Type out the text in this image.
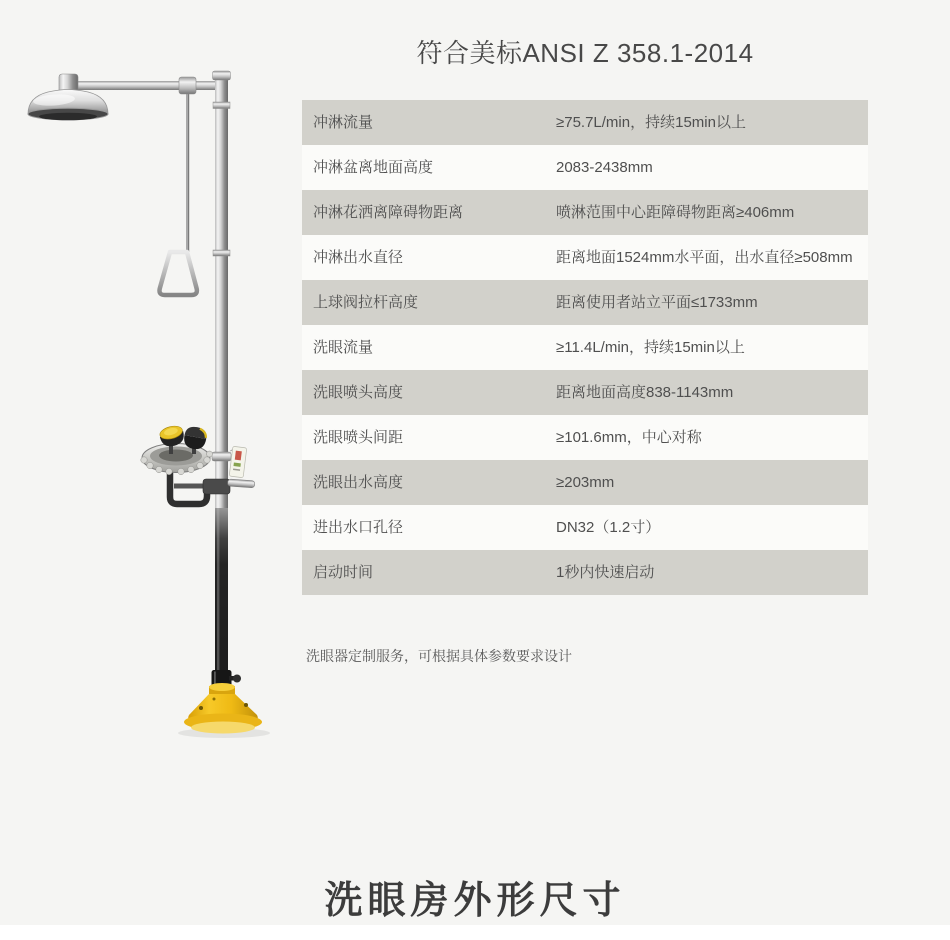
符合美标ANSI Z 358.1-2014
冲淋流量	≥75.7L/min，持续15min以上
冲淋盆离地面高度	2083-2438mm
冲淋花洒离障碍物距离	喷淋范围中心距障碍物距离≥406mm
冲淋出水直径	距离地面1524mm水平面，出水直径≥508mm
上球阀拉杆高度	距离使用者站立平面≤1733mm
洗眼流量	≥11.4L/min，持续15min以上
洗眼喷头高度	距离地面高度838-1143mm
洗眼喷头间距	≥101.6mm，中心对称
洗眼出水高度	≥203mm
进出水口孔径	DN32（1.2寸）
启动时间	1秒内快速启动
洗眼器定制服务，可根据具体参数要求设计
洗眼房外形尺寸
